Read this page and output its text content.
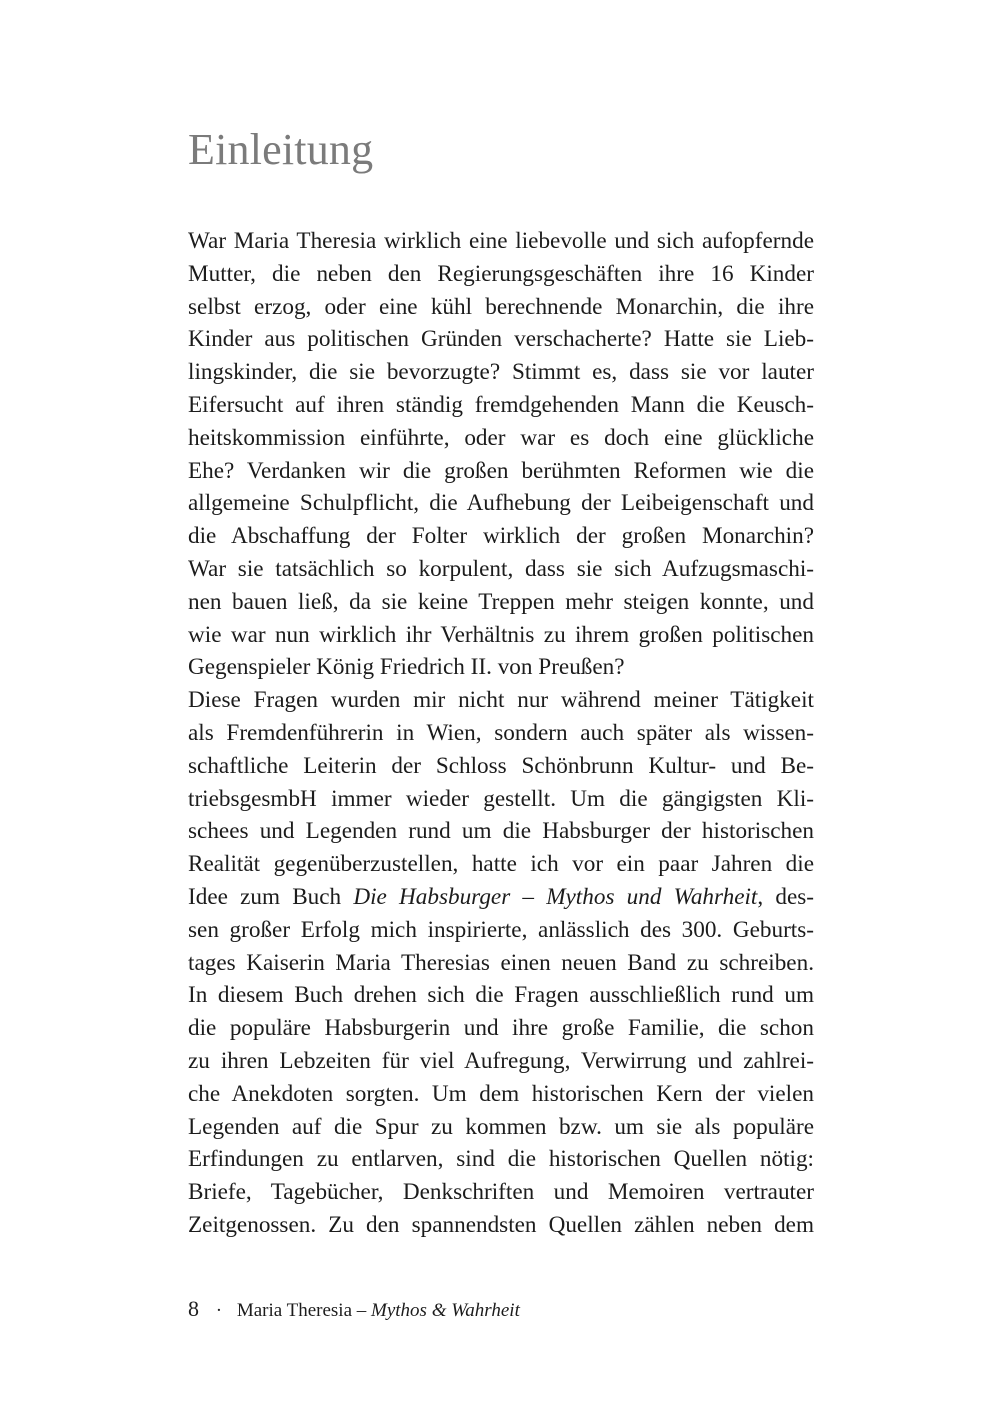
Einleitung
War Maria Theresia wirklich eine liebevolle und sich aufopfernde
Mutter, die neben den Regierungsgeschäften ihre 16 Kinder
selbst erzog, oder eine kühl berechnende Monarchin, die ihre
Kinder aus politischen Gründen verschacherte? Hatte sie Lieb-
lingskinder, die sie bevorzugte? Stimmt es, dass sie vor lauter
Eifersucht auf ihren ständig fremdgehenden Mann die Keusch-
heitskommission einführte, oder war es doch eine glückliche
Ehe? Verdanken wir die großen berühmten Reformen wie die
allgemeine Schulpflicht, die Aufhebung der Leibeigenschaft und
die Abschaffung der Folter wirklich der großen Monarchin?
War sie tatsächlich so korpulent, dass sie sich Aufzugsmaschi-
nen bauen ließ, da sie keine Treppen mehr steigen konnte, und
wie war nun wirklich ihr Verhältnis zu ihrem großen politischen
Gegenspieler König Friedrich II. von Preußen?
Diese Fragen wurden mir nicht nur während meiner Tätigkeit
als Fremdenführerin in Wien, sondern auch später als wissen-
schaftliche Leiterin der Schloss Schönbrunn Kultur- und Be-
triebsgesmbH immer wieder gestellt. Um die gängigsten Kli-
schees und Legenden rund um die Habsburger der historischen
Realität gegenüberzustellen, hatte ich vor ein paar Jahren die
Idee zum Buch Die Habsburger – Mythos und Wahrheit, des-
sen großer Erfolg mich inspirierte, anlässlich des 300. Geburts-
tages Kaiserin Maria Theresias einen neuen Band zu schreiben.
In diesem Buch drehen sich die Fragen ausschließlich rund um
die populäre Habsburgerin und ihre große Familie, die schon
zu ihren Lebzeiten für viel Aufregung, Verwirrung und zahlrei-
che Anekdoten sorgten. Um dem historischen Kern der vielen
Legenden auf die Spur zu kommen bzw. um sie als populäre
Erfindungen zu entlarven, sind die historischen Quellen nötig:
Briefe, Tagebücher, Denkschriften und Memoiren vertrauter
Zeitgenossen. Zu den spannendsten Quellen zählen neben dem
8 · Maria Theresia – Mythos & Wahrheit
